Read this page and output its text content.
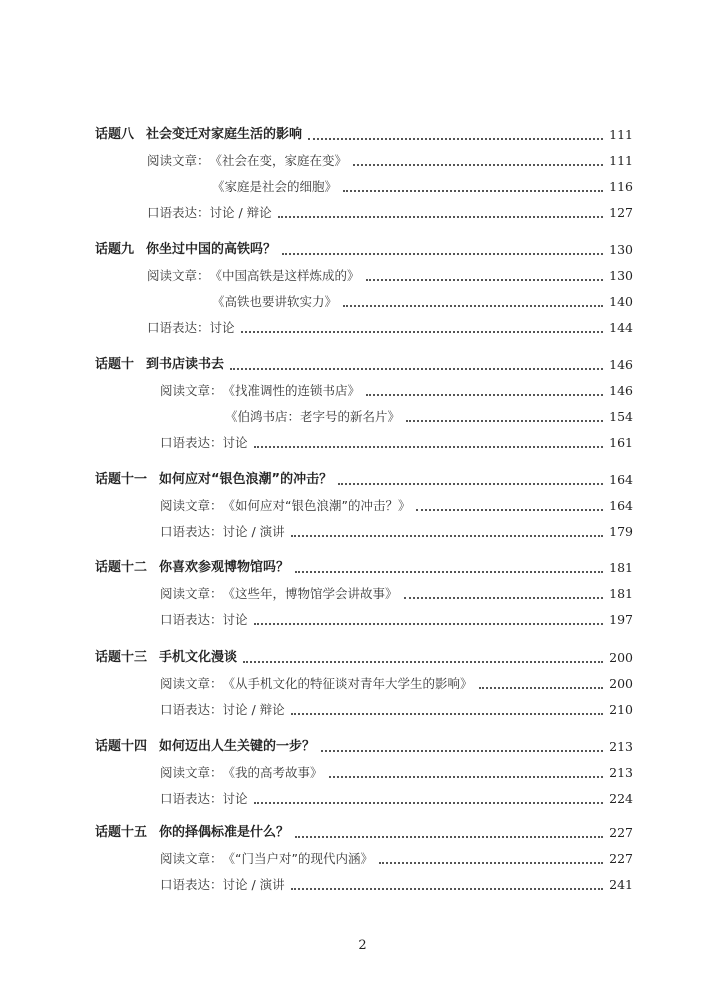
话题八 社会变迁对家庭生活的影响	111
阅读文章： 《社会在变，家庭在变》	111
《家庭是社会的细胞》	116
口语表达： 讨论 / 辩论	127
话题九 你坐过中国的高铁吗？	130
阅读文章： 《中国高铁是这样炼成的》	130
《高铁也要讲软实力》	140
口语表达： 讨论	144
话题十 到书店读书去	146
阅读文章： 《找准调性的连锁书店》	146
《伯鸿书店：老字号的新名片》	154
口语表达： 讨论	161
话题十一 如何应对“银色浪潮”的冲击？	164
阅读文章： 《如何应对“银色浪潮”的冲击？》	164
口语表达： 讨论 / 演讲	179
话题十二 你喜欢参观博物馆吗？	181
阅读文章： 《这些年，博物馆学会讲故事》	181
口语表达： 讨论	197
话题十三 手机文化漫谈	200
阅读文章： 《从手机文化的特征谈对青年大学生的影响》	200
口语表达： 讨论 / 辩论	210
话题十四 如何迈出人生关键的一步？	213
阅读文章： 《我的高考故事》	213
口语表达： 讨论	224
话题十五 你的择偶标准是什么？	227
阅读文章： 《“门当户对”的现代内涵》	227
口语表达： 讨论 / 演讲	241
2
